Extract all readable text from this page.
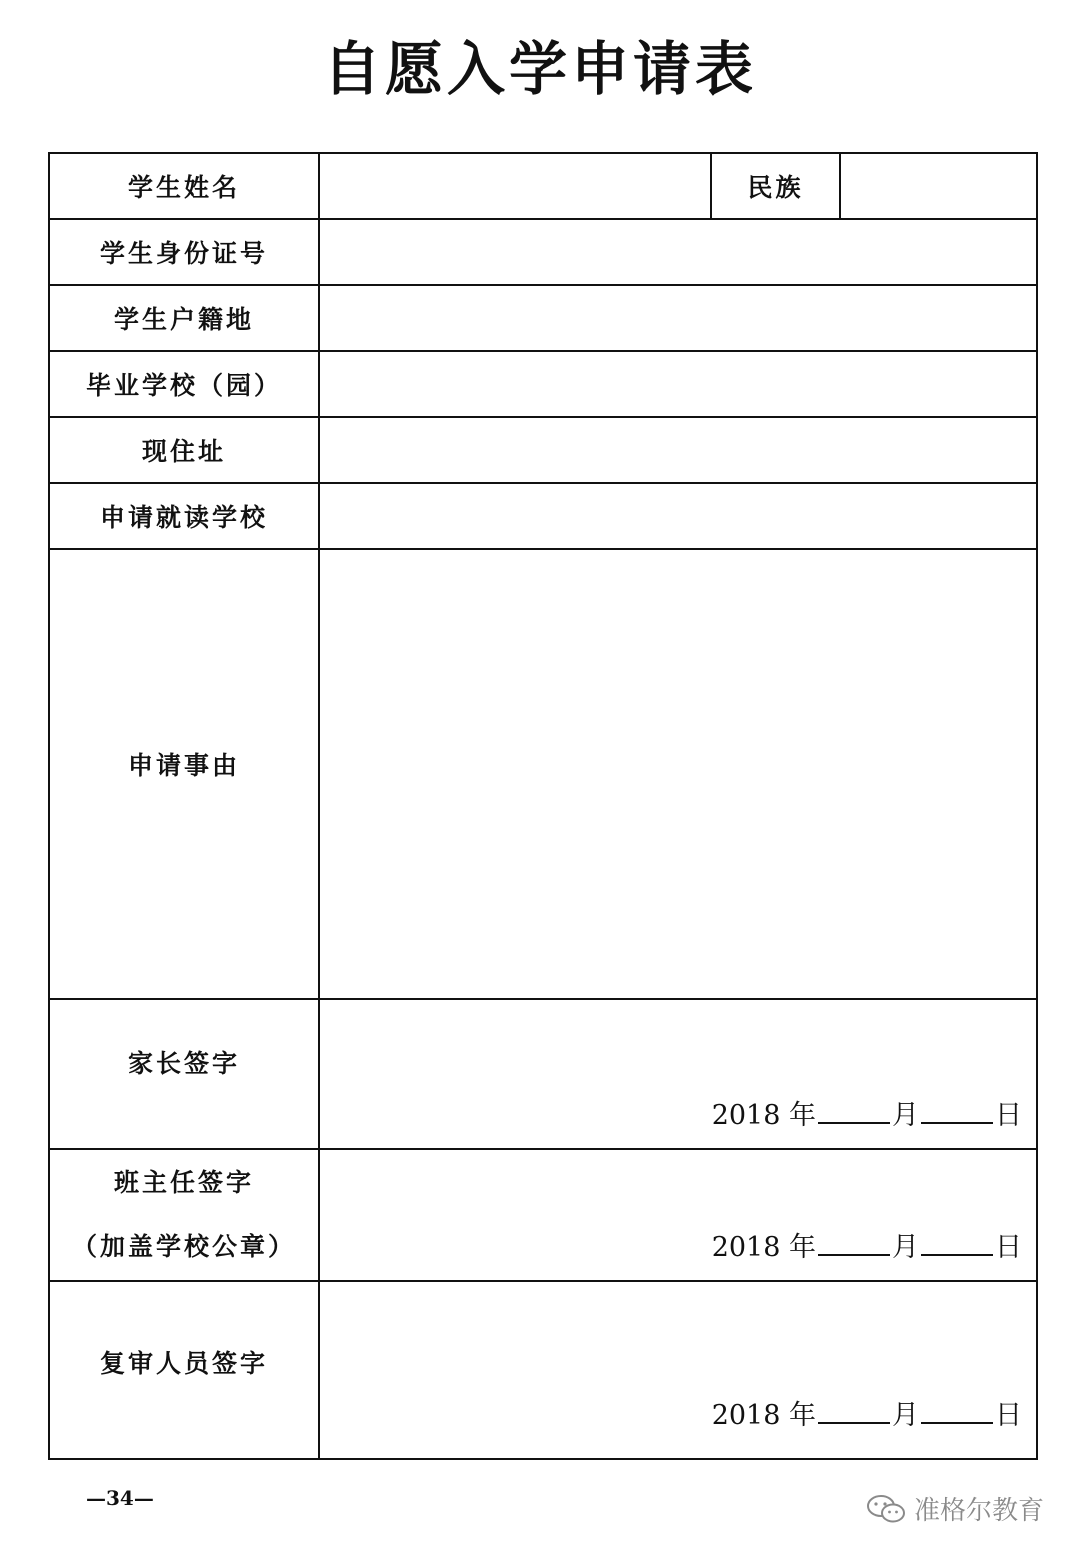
自愿入学申请表
学生姓名		民族	
学生身份证号			
学生户籍地			
毕业学校（园）			
现住址			
申请就读学校			
申请事由			
家长签字	2018 年 月 日		

班主任签字
（加盖学校公章）	2018 年 月 日		

复审人员签字	2018 年 月 日		
—34—	准格尔教育
